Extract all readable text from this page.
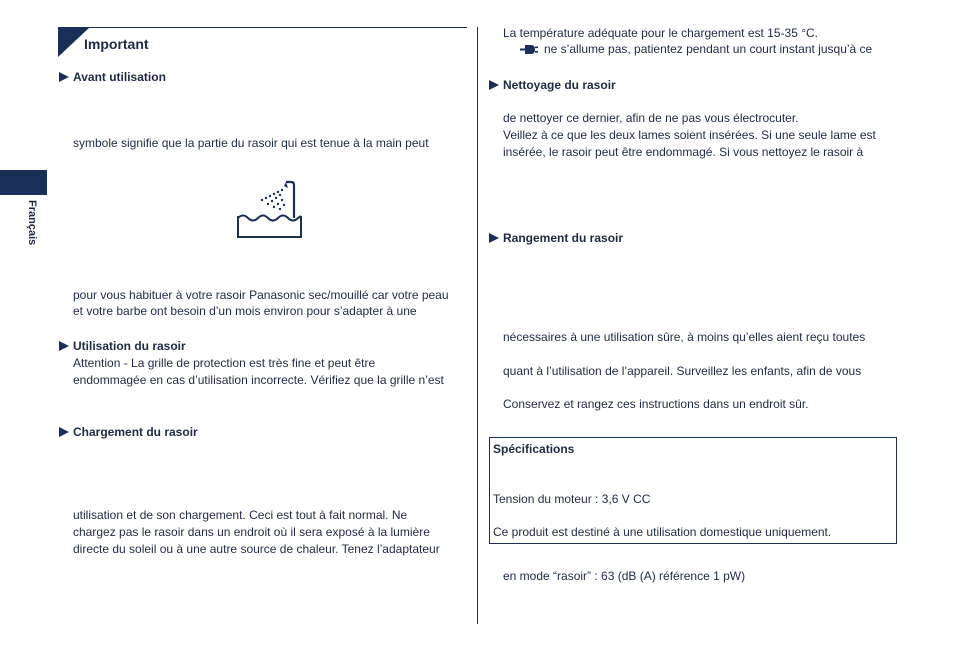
Important
Français
Avant utilisation
symbole signifie que la partie du rasoir qui est tenue à la main peut
pour vous habituer à votre rasoir Panasonic sec/mouillé car votre peau
et votre barbe ont besoin d’un mois environ pour s’adapter à une
Utilisation du rasoir
Attention - La grille de protection est très fine et peut être
endommagée en cas d’utilisation incorrecte. Vérifiez que la grille n’est
Chargement du rasoir
utilisation et de son chargement. Ceci est tout à fait normal. Ne
chargez pas le rasoir dans un endroit où il sera exposé à la lumière
directe du soleil ou à une autre source de chaleur. Tenez l’adaptateur
La température adéquate pour le chargement est 15-35 °C.
ne s’allume pas, patientez pendant un court instant jusqu’à ce
Nettoyage du rasoir
de nettoyer ce dernier, afin de ne pas vous électrocuter.
Veillez à ce que les deux lames soient insérées. Si une seule lame est
insérée, le rasoir peut être endommagé. Si vous nettoyez le rasoir à
Rangement du rasoir
nécessaires à une utilisation sûre, à moins qu’elles aient reçu toutes
quant à l’utilisation de l’appareil. Surveillez les enfants, afin de vous
Conservez et rangez ces instructions dans un endroit sûr.
Spécifications
Tension du moteur : 3,6 V CC
Ce produit est destiné à une utilisation domestique uniquement.
en mode “rasoir” : 63 (dB (A) référence 1 pW)
